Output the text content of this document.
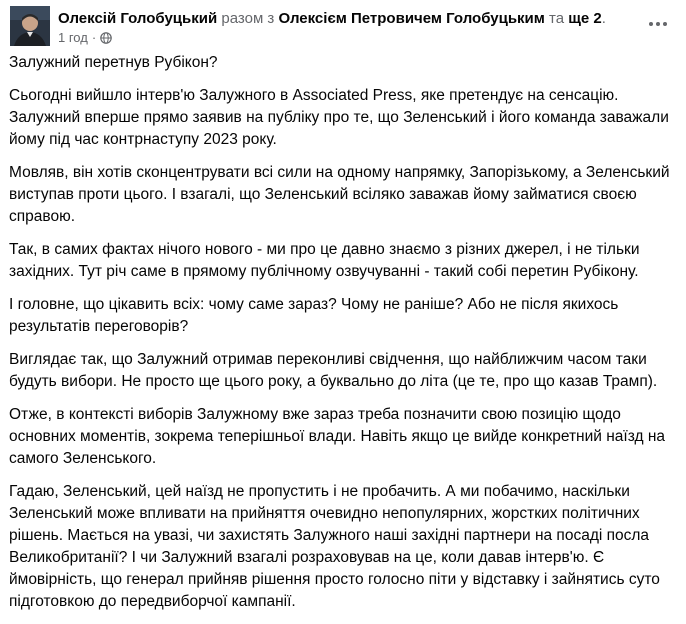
Олексій Голобуцький разом з Олексієм Петровичем Голобуцьким та ще 2.
1 год ·

Залужний перетнув Рубікон?

Сьогодні вийшло інтерв'ю Залужного в Associated Press, яке претендує на сенсацію. Залужний вперше прямо заявив на публіку про те, що Зеленський і його команда заважали йому під час контрнаступу 2023 року.

Мовляв, він хотів сконцентрувати всі сили на одному напрямку, Запорізькому, а Зеленський виступав проти цього. І взагалі, що Зеленський всіляко заважав йому займатися своєю справою.

Так, в самих фактах нічого нового - ми про це давно знаємо з різних джерел, і не тільки західних. Тут річ саме в прямому публічному озвучуванні - такий собі перетин Рубікону.

І головне, що цікавить всіх: чому саме зараз? Чому не раніше? Або не після якихось результатів переговорів?

Виглядає так, що Залужний отримав переконливі свідчення, що найближчим часом таки будуть вибори. Не просто ще цього року, а буквально до літа (це те, про що казав Трамп).

Отже, в контексті виборів Залужному вже зараз треба позначити свою позицію щодо основних моментів, зокрема теперішньої влади. Навіть якщо це вийде конкретний наїзд на самого Зеленського.

Гадаю, Зеленський, цей наїзд не пропустить і не пробачить. А ми побачимо, наскільки Зеленський може впливати на прийняття очевидно непопулярних, жорстких політичних рішень. Мається на увазі, чи захистять Залужного наші західні партнери на посаді посла Великобританії? І чи Залужний взагалі розраховував на це, коли давав інтерв'ю. Є ймовірність, що генерал прийняв рішення просто голосно піти у відставку і зайнятись суто підготовкою до передвиборчої кампанії.
